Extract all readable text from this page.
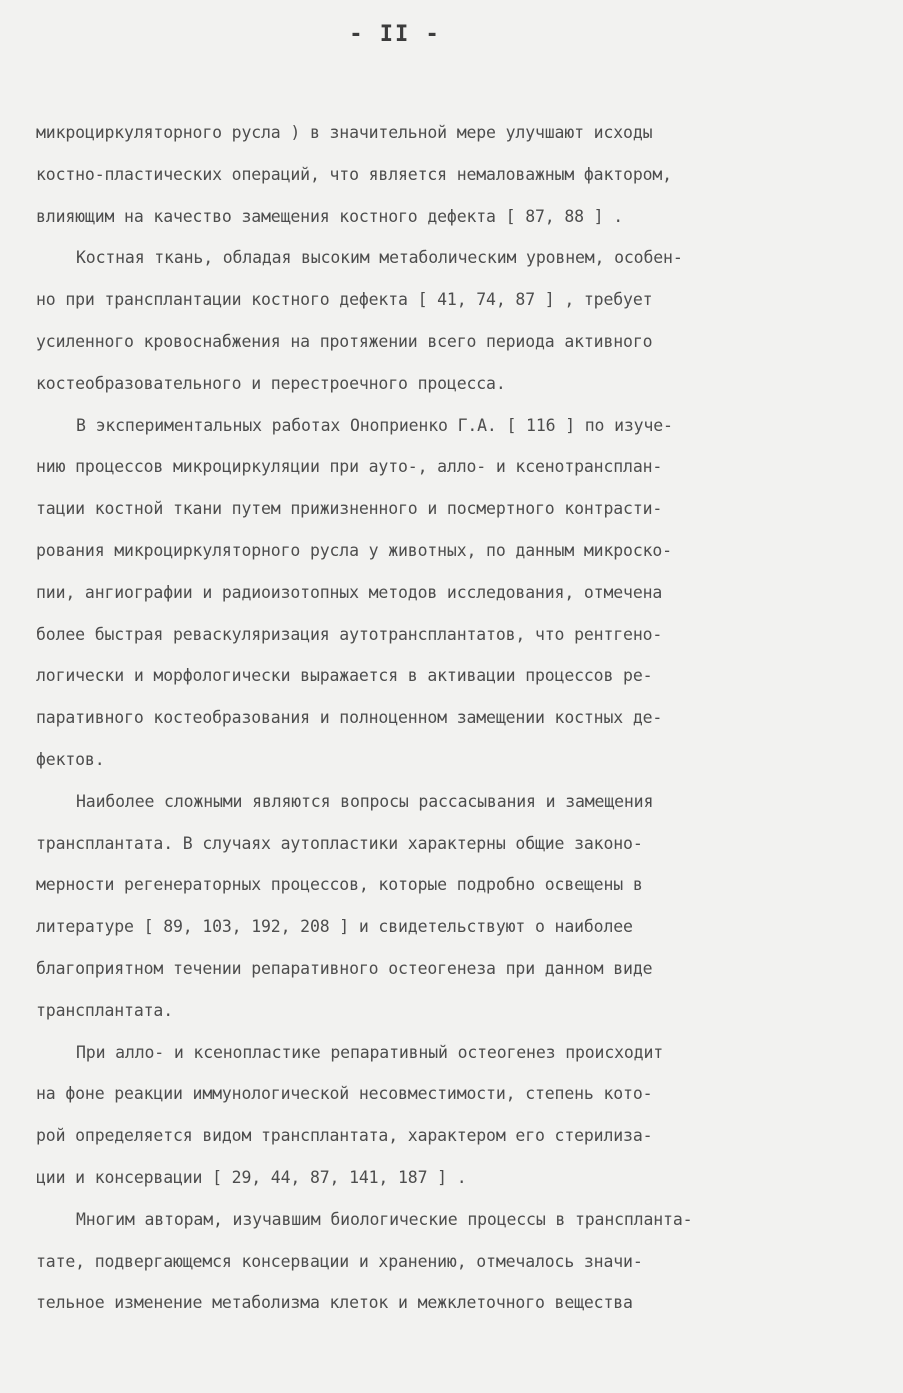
- II -
микроциркуляторного русла ) в значительной мере улучшают исходы
костно-пластических операций, что является немаловажным фактором,
влияющим на качество замещения костного дефекта [ 87, 88 ] .
Костная ткань, обладая высоким метаболическим уровнем, особен-
но при трансплантации костного дефекта [ 41, 74, 87 ] , требует
усиленного кровоснабжения на протяжении всего периода активного
костеобразовательного и перестроечного процесса.
В экспериментальных работах Оноприенко Г.А. [ 116 ] по изуче-
нию процессов микроциркуляции при ауто-, алло- и ксенотрансплан-
тации костной ткани путем прижизненного и посмертного контрасти-
рования микроциркуляторного русла у животных, по данным микроско-
пии, ангиографии и радиоизотопных методов исследования, отмечена
более быстрая реваскуляризация аутотрансплантатов, что рентгено-
логически и морфологически выражается в активации процессов ре-
паративного костеобразования и полноценном замещении костных де-
фектов.
Наиболее сложными являются вопросы рассасывания и замещения
трансплантата. В случаях аутопластики характерны общие законо-
мерности регенераторных процессов, которые подробно освещены в
литературе [ 89, 103, 192, 208 ] и свидетельствуют о наиболее
благоприятном течении репаративного остеогенеза при данном виде
трансплантата.
При алло- и ксенопластике репаративный остеогенез происходит
на фоне реакции иммунологической несовместимости, степень кото-
рой определяется видом трансплантата, характером его стерилиза-
ции и консервации [ 29, 44, 87, 141, 187 ] .
Многим авторам, изучавшим биологические процессы в транспланта-
тате, подвергающемся консервации и хранению, отмечалось значи-
тельное изменение метаболизма клеток и межклеточного вещества
